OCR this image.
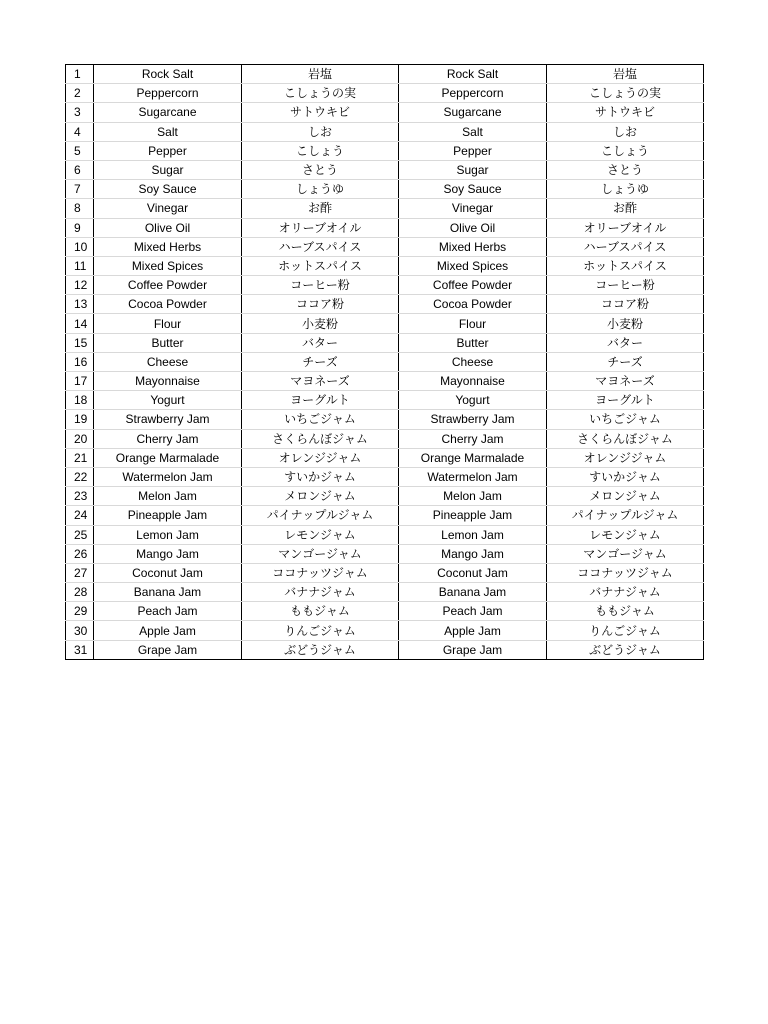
1	Rock Salt	岩塩	Rock Salt	岩塩
2	Peppercorn	こしょうの実	Peppercorn	こしょうの実
3	Sugarcane	サトウキビ	Sugarcane	サトウキビ
4	Salt	しお	Salt	しお
5	Pepper	こしょう	Pepper	こしょう
6	Sugar	さとう	Sugar	さとう
7	Soy Sauce	しょうゆ	Soy Sauce	しょうゆ
8	Vinegar	お酢	Vinegar	お酢
9	Olive Oil	オリーブオイル	Olive Oil	オリーブオイル
10	Mixed Herbs	ハーブスパイス	Mixed Herbs	ハーブスパイス
11	Mixed Spices	ホットスパイス	Mixed Spices	ホットスパイス
12	Coffee Powder	コーヒー粉	Coffee Powder	コーヒー粉
13	Cocoa Powder	ココア粉	Cocoa Powder	ココア粉
14	Flour	小麦粉	Flour	小麦粉
15	Butter	バター	Butter	バター
16	Cheese	チーズ	Cheese	チーズ
17	Mayonnaise	マヨネーズ	Mayonnaise	マヨネーズ
18	Yogurt	ヨーグルト	Yogurt	ヨーグルト
19	Strawberry Jam	いちごジャム	Strawberry Jam	いちごジャム
20	Cherry Jam	さくらんぼジャム	Cherry Jam	さくらんぼジャム
21	Orange Marmalade	オレンジジャム	Orange Marmalade	オレンジジャム
22	Watermelon Jam	すいかジャム	Watermelon Jam	すいかジャム
23	Melon Jam	メロンジャム	Melon Jam	メロンジャム
24	Pineapple Jam	パイナップルジャム	Pineapple Jam	パイナップルジャム
25	Lemon Jam	レモンジャム	Lemon Jam	レモンジャム
26	Mango Jam	マンゴージャム	Mango Jam	マンゴージャム
27	Coconut Jam	ココナッツジャム	Coconut Jam	ココナッツジャム
28	Banana Jam	バナナジャム	Banana Jam	バナナジャム
29	Peach Jam	ももジャム	Peach Jam	ももジャム
30	Apple Jam	りんごジャム	Apple Jam	りんごジャム
31	Grape Jam	ぶどうジャム	Grape Jam	ぶどうジャム
